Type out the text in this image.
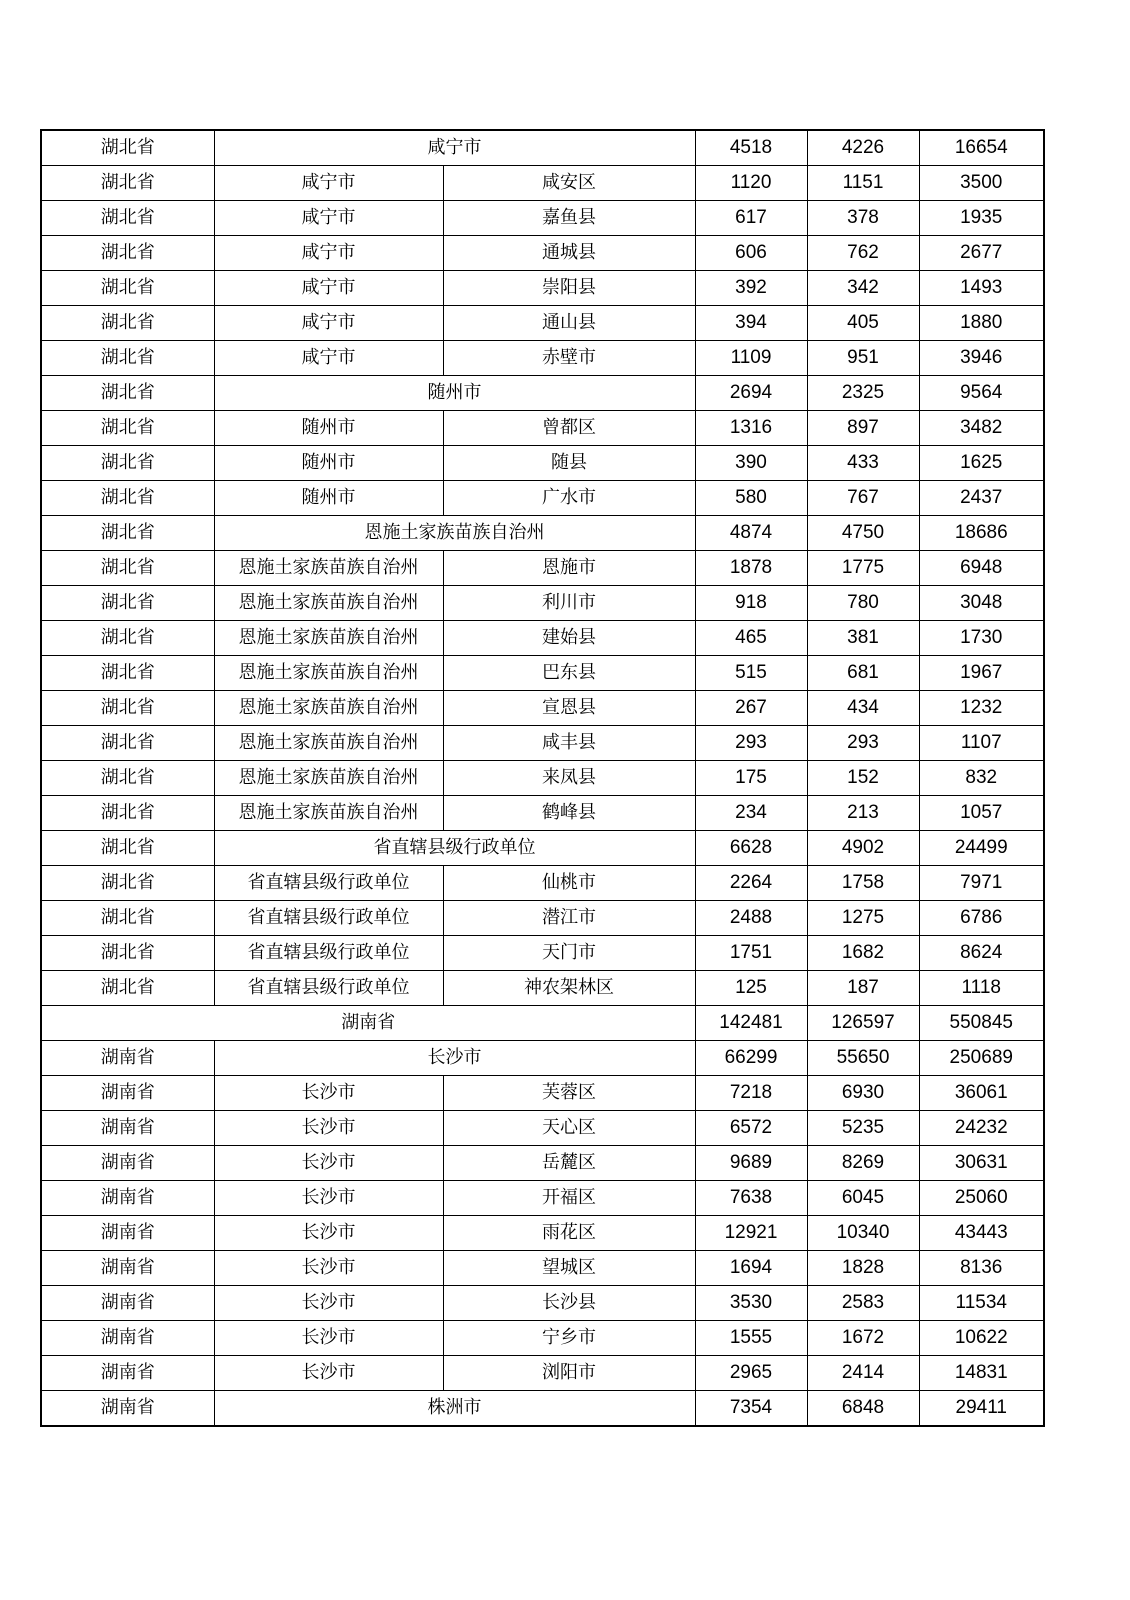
湖北省	咸宁市		4518	4226	16654
湖北省	咸宁市	咸安区	1120	1151	3500
湖北省	咸宁市	嘉鱼县	617	378	1935
湖北省	咸宁市	通城县	606	762	2677
湖北省	咸宁市	崇阳县	392	342	1493
湖北省	咸宁市	通山县	394	405	1880
湖北省	咸宁市	赤壁市	1109	951	3946
湖北省	随州市		2694	2325	9564
湖北省	随州市	曾都区	1316	897	3482
湖北省	随州市	随县	390	433	1625
湖北省	随州市	广水市	580	767	2437
湖北省	恩施土家族苗族自治州		4874	4750	18686
湖北省	恩施土家族苗族自治州	恩施市	1878	1775	6948
湖北省	恩施土家族苗族自治州	利川市	918	780	3048
湖北省	恩施土家族苗族自治州	建始县	465	381	1730
湖北省	恩施土家族苗族自治州	巴东县	515	681	1967
湖北省	恩施土家族苗族自治州	宣恩县	267	434	1232
湖北省	恩施土家族苗族自治州	咸丰县	293	293	1107
湖北省	恩施土家族苗族自治州	来凤县	175	152	832
湖北省	恩施土家族苗族自治州	鹤峰县	234	213	1057
湖北省	省直辖县级行政单位		6628	4902	24499
湖北省	省直辖县级行政单位	仙桃市	2264	1758	7971
湖北省	省直辖县级行政单位	潜江市	2488	1275	6786
湖北省	省直辖县级行政单位	天门市	1751	1682	8624
湖北省	省直辖县级行政单位	神农架林区	125	187	1118
湖南省			142481	126597	550845
湖南省	长沙市		66299	55650	250689
湖南省	长沙市	芙蓉区	7218	6930	36061
湖南省	长沙市	天心区	6572	5235	24232
湖南省	长沙市	岳麓区	9689	8269	30631
湖南省	长沙市	开福区	7638	6045	25060
湖南省	长沙市	雨花区	12921	10340	43443
湖南省	长沙市	望城区	1694	1828	8136
湖南省	长沙市	长沙县	3530	2583	11534
湖南省	长沙市	宁乡市	1555	1672	10622
湖南省	长沙市	浏阳市	2965	2414	14831
湖南省	株洲市		7354	6848	29411
